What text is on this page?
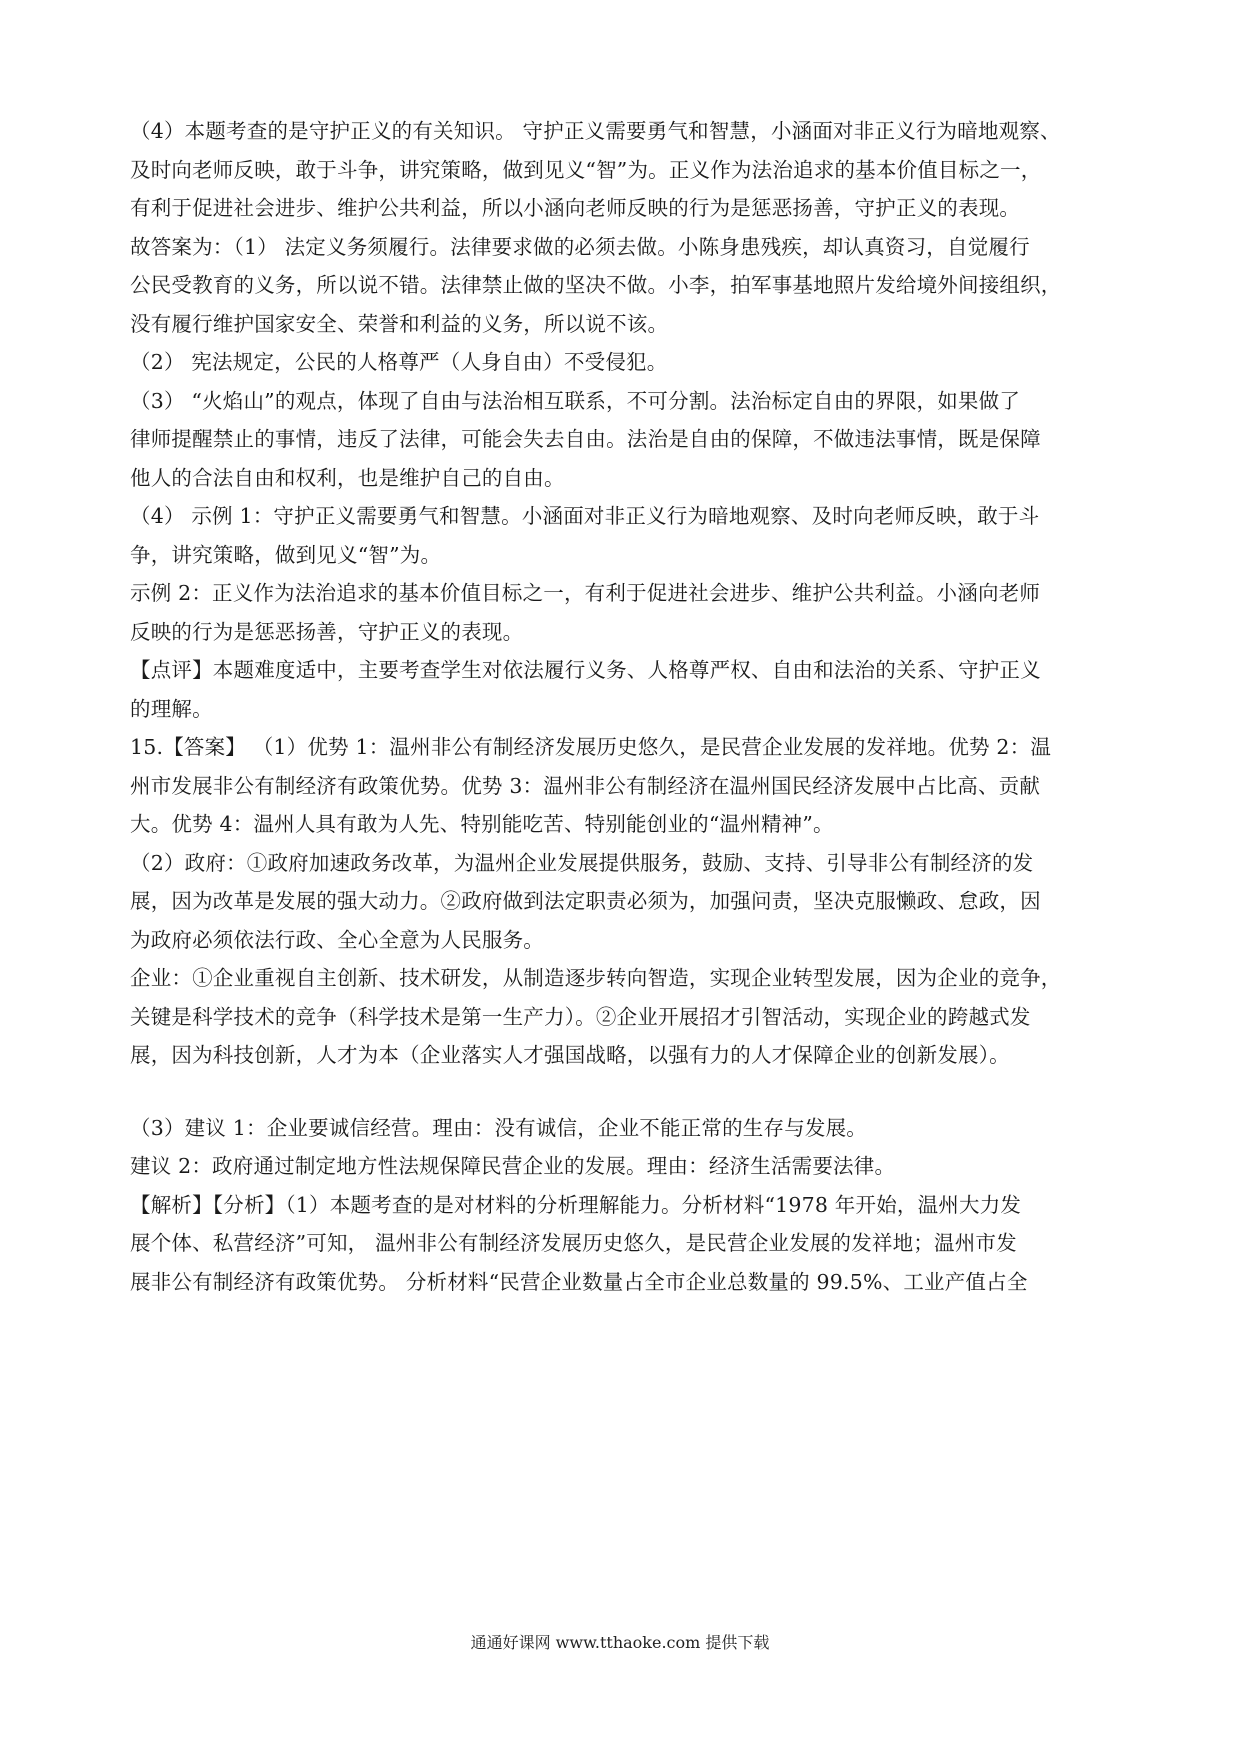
（4）本题考查的是守护正义的有关知识。 守护正义需要勇气和智慧，小涵面对非正义行为暗地观察、
及时向老师反映，敢于斗争，讲究策略，做到见义“智”为。正义作为法治追求的基本价值目标之一，
有利于促进社会进步、维护公共利益，所以小涵向老师反映的行为是惩恶扬善，守护正义的表现。
故答案为：（1） 法定义务须履行。法律要求做的必须去做。小陈身患残疾，却认真资习，自觉履行
公民受教育的义务，所以说不错。法律禁止做的坚决不做。小李，拍军事基地照片发给境外间接组织，
没有履行维护国家安全、荣誉和利益的义务，所以说不该。
（2） 宪法规定，公民的人格尊严（人身自由）不受侵犯。
（3） “火焰山”的观点，体现了自由与法治相互联系，不可分割。法治标定自由的界限，如果做了
律师提醒禁止的事情，违反了法律，可能会失去自由。法治是自由的保障，不做违法事情，既是保障
他人的合法自由和权利，也是维护自己的自由。
（4） 示例 1：守护正义需要勇气和智慧。小涵面对非正义行为暗地观察、及时向老师反映，敢于斗
争，讲究策略，做到见义“智”为。
示例 2：正义作为法治追求的基本价值目标之一，有利于促进社会进步、维护公共利益。小涵向老师
反映的行为是惩恶扬善，守护正义的表现。
【点评】本题难度适中，主要考查学生对依法履行义务、人格尊严权、自由和法治的关系、守护正义
的理解。
15.【答案】 （1）优势 1：温州非公有制经济发展历史悠久，是民营企业发展的发祥地。优势 2：温
州市发展非公有制经济有政策优势。优势 3：温州非公有制经济在温州国民经济发展中占比高、贡献
大。优势 4：温州人具有敢为人先、特别能吃苦、特别能创业的“温州精神”。
（2）政府：①政府加速政务改革，为温州企业发展提供服务，鼓励、支持、引导非公有制经济的发
展，因为改革是发展的强大动力。②政府做到法定职责必须为，加强问责，坚决克服懒政、怠政，因
为政府必须依法行政、全心全意为人民服务。
企业：①企业重视自主创新、技术研发，从制造逐步转向智造，实现企业转型发展，因为企业的竞争，
关键是科学技术的竞争（科学技术是第一生产力）。②企业开展招才引智活动，实现企业的跨越式发
展，因为科技创新，人才为本（企业落实人才强国战略，以强有力的人才保障企业的创新发展）。
（3）建议 1：企业要诚信经营。理由：没有诚信，企业不能正常的生存与发展。
建议 2：政府通过制定地方性法规保障民营企业的发展。理由：经济生活需要法律。
【解析】【分析】（1）本题考查的是对材料的分析理解能力。分析材料“1978 年开始，温州大力发
展个体、私营经济”可知， 温州非公有制经济发展历史悠久，是民营企业发展的发祥地；温州市发
展非公有制经济有政策优势。 分析材料“民营企业数量占全市企业总数量的 99.5%、工业产值占全
通通好课网 www.tthaoke.com 提供下载
